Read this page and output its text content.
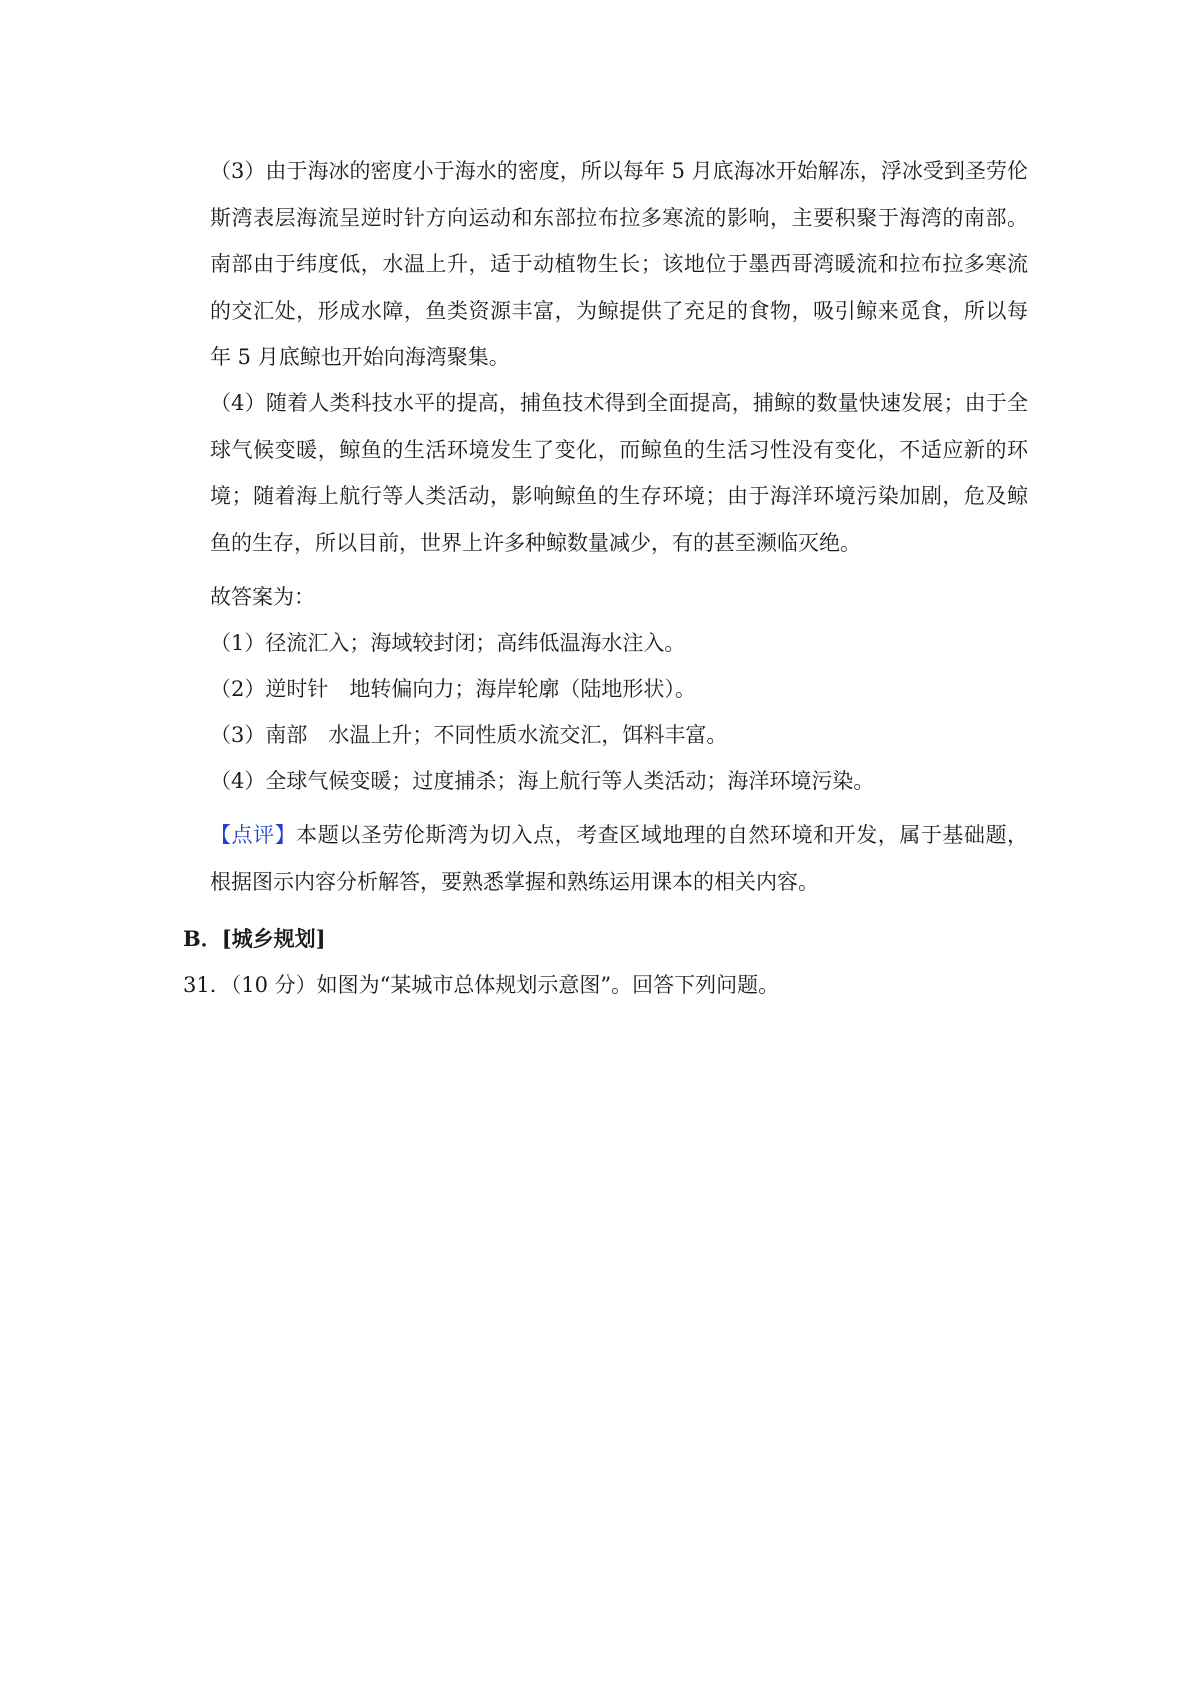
（3）由于海冰的密度小于海水的密度，所以每年 5 月底海冰开始解冻，浮冰受到圣劳伦斯湾表层海流呈逆时针方向运动和东部拉布拉多寒流的影响，主要积聚于海湾的南部。南部由于纬度低，水温上升，适于动植物生长；该地位于墨西哥湾暖流和拉布拉多寒流的交汇处，形成水障，鱼类资源丰富，为鲸提供了充足的食物，吸引鲸来觅食，所以每年 5 月底鲸也开始向海湾聚集。
（4）随着人类科技水平的提高，捕鱼技术得到全面提高，捕鲸的数量快速发展；由于全球气候变暖，鲸鱼的生活环境发生了变化，而鲸鱼的生活习性没有变化，不适应新的环境；随着海上航行等人类活动，影响鲸鱼的生存环境；由于海洋环境污染加剧，危及鲸鱼的生存，所以目前，世界上许多种鲸数量减少，有的甚至濒临灭绝。
故答案为：
（1）径流汇入；海域较封闭；高纬低温海水注入。
（2）逆时针　地转偏向力；海岸轮廓（陆地形状）。
（3）南部　水温上升；不同性质水流交汇，饵料丰富。
（4）全球气候变暖；过度捕杀；海上航行等人类活动；海洋环境污染。
【点评】本题以圣劳伦斯湾为切入点，考查区域地理的自然环境和开发，属于基础题，根据图示内容分析解答，要熟悉掌握和熟练运用课本的相关内容。
B．[城乡规划]
31．（10 分）如图为“某城市总体规划示意图”。回答下列问题。
